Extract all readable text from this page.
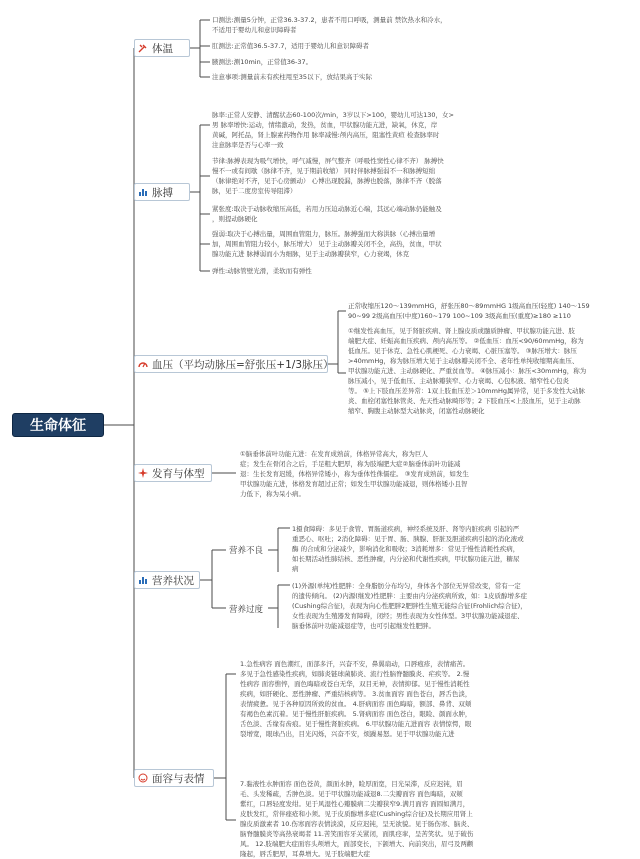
生命体征
体温
口测法:测量5分钟，正常36.3-37.2，患者不用口呼吸，测量前 禁饮热水和冷水，
不适用于婴幼儿和意识障碍者
肛测法:正常值36.5-37.7，适用于婴幼儿和意识障碍者
腋测法:测10min，正常值36-37。
注意事项:测量前未有疾柱甩至35以下，放结果高于实际
脉搏
脉率:正常人安静、清醒状态60-100次/min，3岁以下>100，婴幼儿可达130，女>
男 脉率增快:运动，情绪激动，发热，贫血，甲状腺功能亢进，缺氧，休克，岸
黄碱，阿托品，肾上腺素药物作用 脉率减慢:颅内高压，阻塞性黄疸 检查脉率时
注意脉率是否与心率一致
节律:脉搏表现为吸气增快，呼气减慢，屏气整齐（呼吸性窦性心律不齐） 脉搏快
慢不一或有间歇（脉律不齐，见于期前收缩） 同时伴脉搏强弱不一和脉搏短绌
（脉律绝对不齐，见于心房颤动） 心博出现脱漏，脉搏也脱落，脉律不齐（脱落
脉，见于二度房室传导阻滞）
紧张度:取决于动脉收缩压高低，若用力压迫动脉近心端，其远心端动脉仍能触及
，则提动脉硬化
强弱:取决于心搏出量，周围血管阻力，脉压。脉搏强而大称洪脉（心搏出量增
加，周围血管阻力较小，脉压增大） 见于主动脉瓣关闭不全，高热，贫血，甲状
腺功能亢进 脉搏弱而小为细脉，见于主动脉瓣狭窄，心力衰竭，休克
弹性:动脉管壁光滑，柔软而有弹性
血压（平均动脉压=舒张压+1/3脉压）
正常收缩压120～139mmHG，舒张压80～89mmHG 1级高血压(轻度) 140～159
90~99 2级高血压(中度)160~179 100~109 3级高血压(重度)≥180 ≥110
①继发性高血压，见于肾脏疾病、肾上腺皮质或髓质肿瘤、甲状腺功能亢进、肢
端肥大症、妊娠高血压疾病、颅内高压等。 ②低血压：血压<90/60mmHg，称为
低血压。见于休克、急性心肌梗死、心力衰竭、心脏压塞等。 ③脉压增大：脉压
>40mmHg，称为脉压增大见于主动脉瓣关闭不全、老年性单纯收缩期高血压、
甲状腺功能亢进、主动脉硬化、严重贫血等。 ④脉压减小：脉压<30mmHg，称为
脉压减小，见于低血压、主动脉瓣狭窄、心力衰竭、心包积液、缩窄性心包炎
等。 ⑤上下肢血压差异常：1双上肢血压差＞10mmHg属异常，见于多发性大动脉
炎、血栓闭塞性脉管炎、先天性动脉畸形等；2 下肢血压<上肢血压，见于主动脉
缩窄、胸腹主动脉型大动脉炎，闭塞性动脉硬化
发育与体型
①脑垂体前叶功能亢进：在发育成熟前，体格异常高大，称为巨人
症；发生在骨闭合之后，手足粗大肥厚，称为肢端肥大症②脑垂体前叶功能减
退：生长发育迟缓，体格异常矮小，称为垂体性侏儒症。 ③发育成熟前，如发生
甲状腺功能亢进，体格发育超过正常；如发生甲状腺功能减退，则体格矮小且智
力低下，称为呆小病。
营养状况
营养不良
1摄食障碍：多见于食管、胃肠道疾病，神经系统及肝、肾等内脏疾病 引起的严
重恶心、呕吐；2消化障碍：见于胃、肠、胰腺、肝脏及胆道疾病引起的消化液或
酶 的合成和分泌减少，影响消化和吸收；3消耗增多：常见于慢性消耗性疾病，
如长期活动性肺结核、恶性肿瘤，内分泌和代谢性疾病，甲状腺功能亢进，糖尿
病
营养过度
(1)外源(单纯)性肥胖：全身脂肪分布均匀，身体各个部位无异常改变，常有一定
的遗传倾向。 (2)内源(继发)性肥胖：主要由内分泌疾病所致，如：1皮质醇增多症
(Cushing综合征)，表现为向心性肥胖2肥胖性生殖无能综合征(Frohlich综合征)，
女性表现为生殖器发育障碍，闭经；男性表现为女性体型。3甲状腺功能减退症、
脑垂体前叶功能减退症等，也可引起继发性肥胖。
面容与表情
1.急性病容 面色潮红，面部多汗，兴奋不安，鼻翼扇动，口唇疱疹，表情痛苦。
多见于急性感染性疾病，如肺炎链球菌肺炎、流行性脑脊髓膜炎、疟疾等。 2.慢
性病容 面容憔悴，面色晦暗或苍白无华，双目无神，表情抑郁。见于慢性消耗性
疾病，如肝硬化、恶性肿瘤、严重结核病等。 3.贫血面容 面色苍白，唇舌色淡，
表情疲惫。见于各种原因所致的贫血。 4.肝病面容 面色晦暗，额部、鼻背、双颊
有褐色色素沉着。见于慢性肝脏疾病。 5.肾病面容 面色苍白，眼睑、颜面水肿，
舌色淡、舌缘有齿痕。见于慢性肾脏疾病。 6.甲状腺功能亢进面容 表情惊愕，眼
裂增宽，眼球凸出，目光闪烁，兴奋不安，烦躁易怒。见于甲状腺功能亢进
7.黏液性水肿面容 面色苍黄，颜面水肿，睑厚面宽，目光呆滞，反应迟钝，眉
毛、头发稀疏，舌肿色淡。见于甲状腺功能减退8.二尖瓣面容 面色晦暗，双颊
紫红，口唇轻度发绀。见于风湿性心瓣膜病二尖瓣狭窄9.满月面容 面圆如满月，
皮肤发红，常伴痤疮和小须。见于皮质醇增多症(Cushing综合征)及长期应用肾上
腺皮质激素者 10.伤寒面容表情淡漠，反应迟钝，呈无欲貌。见于肠伤寒、脑炎、
脑脊髓膜炎等高热衰竭者 11.苦笑面容牙关紧闭，面肌痉挛，呈苦笑状。见于破伤
风。 12.肢端肥大症面容头颅增大，面部变长，下颌增大、向前突出，眉弓及两颧
隆起，唇舌肥厚，耳鼻增大。见于肢端肥大症
